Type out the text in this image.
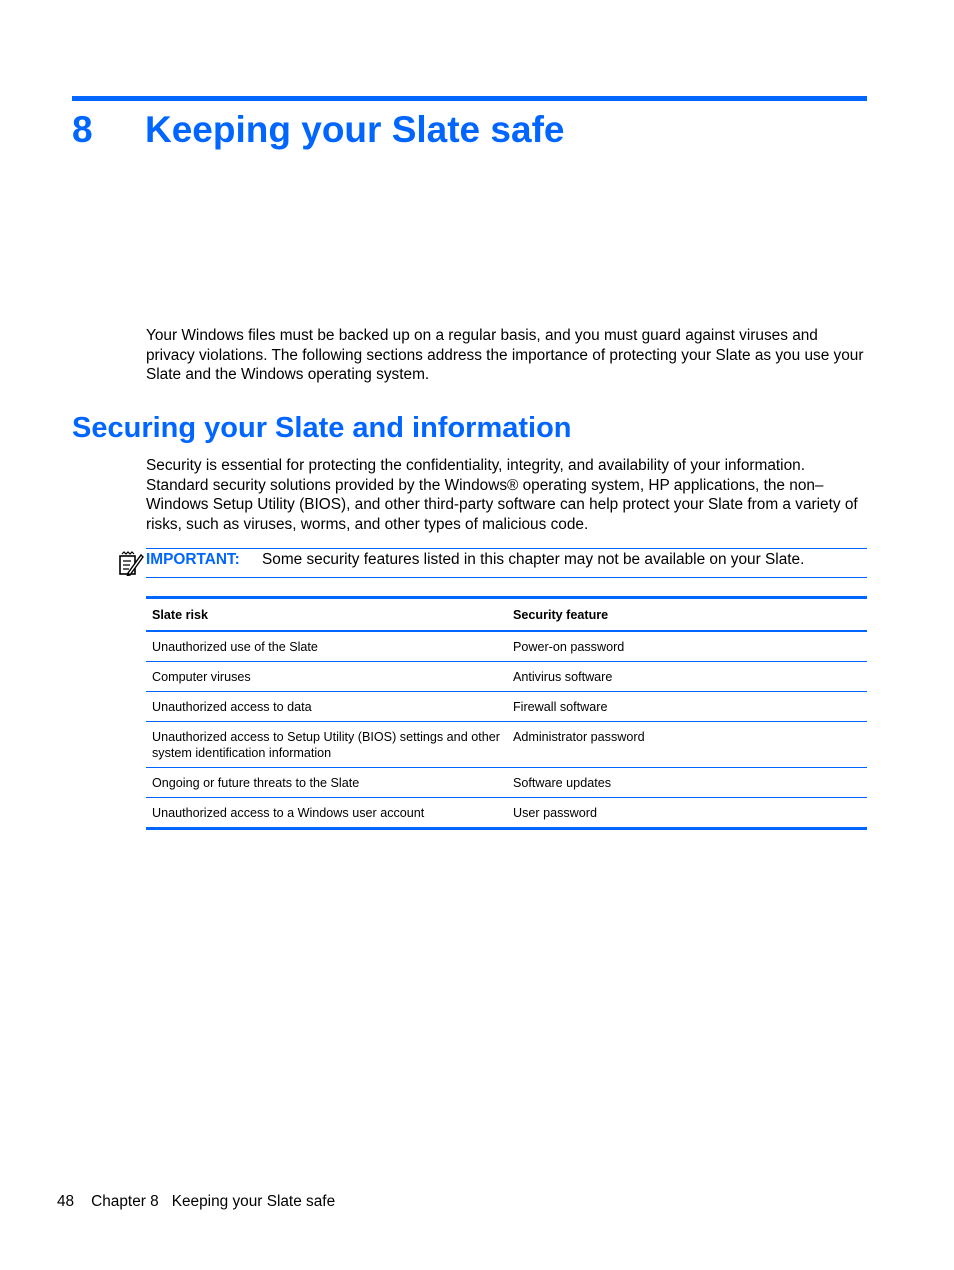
8 Keeping your Slate safe

Your Windows files must be backed up on a regular basis, and you must guard against viruses and privacy violations. The following sections address the importance of protecting your Slate as you use your Slate and the Windows operating system.

Securing your Slate and information

Security is essential for protecting the confidentiality, integrity, and availability of your information. Standard security solutions provided by the Windows® operating system, HP applications, the non–Windows Setup Utility (BIOS), and other third-party software can help protect your Slate from a variety of risks, such as viruses, worms, and other types of malicious code.

IMPORTANT: Some security features listed in this chapter may not be available on your Slate.
Slate risk	Security feature
Unauthorized use of the Slate	Power-on password
Computer viruses	Antivirus software
Unauthorized access to data	Firewall software
Unauthorized access to Setup Utility (BIOS) settings and other system identification information	Administrator password
Ongoing or future threats to the Slate	Software updates
Unauthorized access to a Windows user account	User password
48 Chapter 8 Keeping your Slate safe
